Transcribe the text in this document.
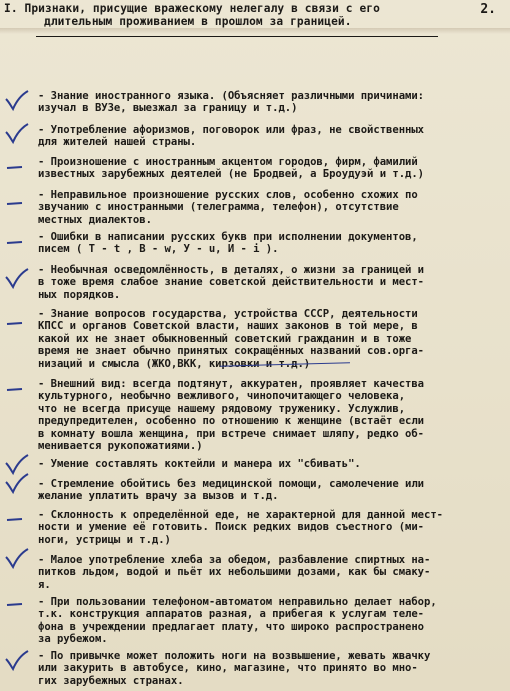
2.
I. Признаки, присущие вражескому нелегалу в связи с его
длительным проживанием в прошлом за границей.
- Знание иностранного языка. (Объясняет различными причинами:
изучал в ВУЗе, выезжал за границу и т.д.)
- Употребление афоризмов, поговорок или фраз, не свойственных
для жителей нашей страны.
- Произношение с иностранным акцентом городов, фирм, фамилий
известных зарубежных деятелей (не Бродвей, а Броудуэй и т.д.)
- Неправильное произношение русских слов, особенно схожих по
звучанию с иностранными (телеграмма, телефон), отсутствие
местных диалектов.
- Ошибки в написании русских букв при исполнении документов,
писем ( Т - t , В - w, У - u, И - i ).
- Необычная осведомлённость, в деталях, о жизни за границей и
в тоже время слабое знание советской действительности и мест-
ных порядков.
- Знание вопросов государства, устройства СССР, деятельности
КПСС и органов Советской власти, наших законов в той мере, в
какой их не знает обыкновенный советский гражданин и в тоже
время не знает обычно принятых сокращённых названий сов.орга-
низаций и смысла (ЖКО,ВКК, кирзовки и т.д.)
- Внешний вид: всегда подтянут, аккуратен, проявляет качества
культурного, необычно вежливого, чинопочитающего человека,
что не всегда присуще нашему рядовому труженику. Услужлив,
предупредителен, особенно по отношению к женщине (встаёт если
в комнату вошла женщина, при встрече снимает шляпу, редко об-
менивается рукопожатиями.)
- Умение составлять коктейли и манера их "сбивать".
- Стремление обойтись без медицинской помощи, самолечение или
желание уплатить врачу за вызов и т.д.
- Склонность к определённой еде, не характерной для данной мест-
ности и умение её готовить. Поиск редких видов съестного (ми-
ноги, устрицы и т.д.)
- Малое употребление хлеба за обедом, разбавление спиртных на-
питков льдом, водой и пьёт их небольшими дозами, как бы смаку-
я.
- При пользовании телефоном-автоматом неправильно делает набор,
т.к. конструкция аппаратов разная, а прибегая к услугам теле-
фона в учреждении предлагает плату, что широко распространено
за рубежом.
- По привычке может положить ноги на возвышение, жевать жвачку
или закурить в автобусе, кино, магазине, что принято во мно-
гих зарубежных странах.
